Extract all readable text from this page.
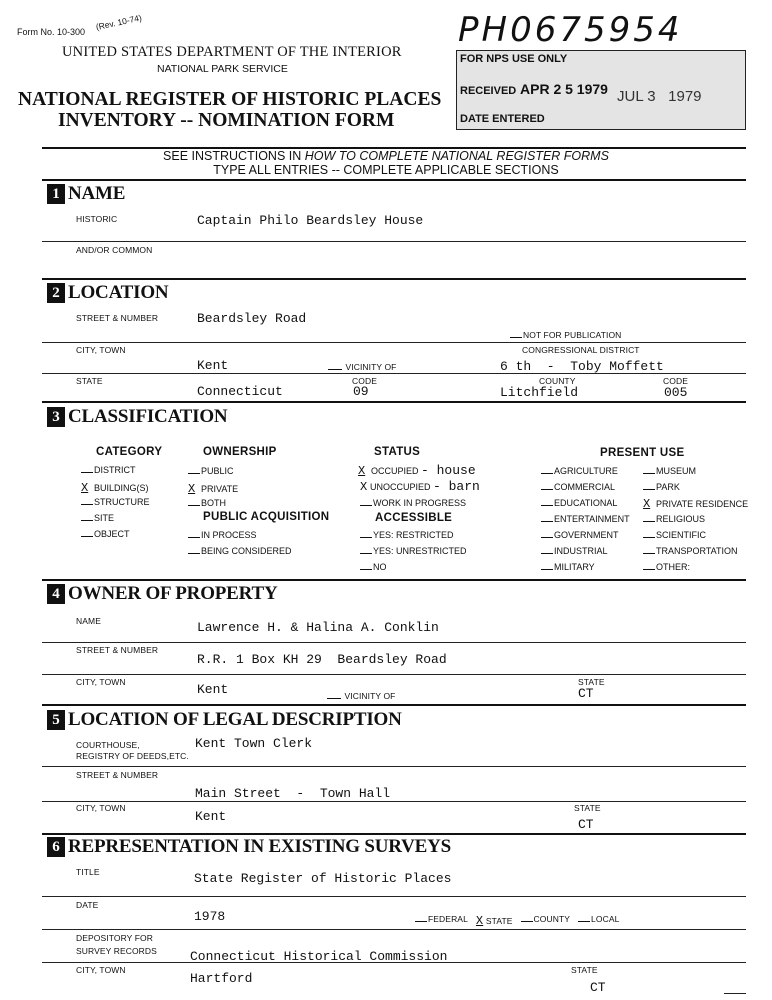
Form No. 10-300 (Rev. 10-74)
UNITED STATES DEPARTMENT OF THE INTERIOR
NATIONAL PARK SERVICE
NATIONAL REGISTER OF HISTORIC PLACES
INVENTORY -- NOMINATION FORM
PH0675954
FOR NPS USE ONLY
RECEIVED APR 2 5 1979 JUL 3   1979
DATE ENTERED
SEE INSTRUCTIONS IN HOW TO COMPLETE NATIONAL REGISTER FORMS
TYPE ALL ENTRIES -- COMPLETE APPLICABLE SECTIONS
1 NAME
HISTORIC	Captain Philo Beardsley House
AND/OR COMMON
2 LOCATION
STREET & NUMBER	Beardsley Road
NOT FOR PUBLICATION
CITY, TOWN	CONGRESSIONAL DISTRICT
Kent	VICINITY OF	6 th  -  Toby Moffett
STATE	CODE	COUNTY	CODE
Connecticut	09	Litchfield	005
3 CLASSIFICATION
CATEGORY
DISTRICT
X BUILDING(S)
STRUCTURE
SITE
OBJECT
OWNERSHIP
PUBLIC
X PRIVATE
BOTH
PUBLIC ACQUISITION
IN PROCESS
BEING CONSIDERED
STATUS
X OCCUPIED - house
X UNOCCUPIED - barn
WORK IN PROGRESS
ACCESSIBLE
YES: RESTRICTED
YES: UNRESTRICTED
NO
PRESENT USE
AGRICULTURE
COMMERCIAL
EDUCATIONAL
ENTERTAINMENT
GOVERNMENT
INDUSTRIAL
MILITARY
MUSEUM
PARK
X PRIVATE RESIDENCE
RELIGIOUS
SCIENTIFIC
TRANSPORTATION
OTHER:
4 OWNER OF PROPERTY
NAME	Lawrence H. & Halina A. Conklin
STREET & NUMBER
R.R. 1 Box KH 29  Beardsley Road
CITY, TOWN	Kent	VICINITY OF
STATE
CT
5 LOCATION OF LEGAL DESCRIPTION
COURTHOUSE,
REGISTRY OF DEEDS,ETC.
Kent Town Clerk
STREET & NUMBER
Main Street  -  Town Hall
CITY, TOWN
Kent
STATE
CT
6 REPRESENTATION IN EXISTING SURVEYS
TITLE	State Register of Historic Places
DATE
1978	FEDERAL X STATE	COUNTY	LOCAL
DEPOSITORY FOR
SURVEY RECORDS	Connecticut Historical Commission
CITY, TOWN
Hartford
STATE
CT
